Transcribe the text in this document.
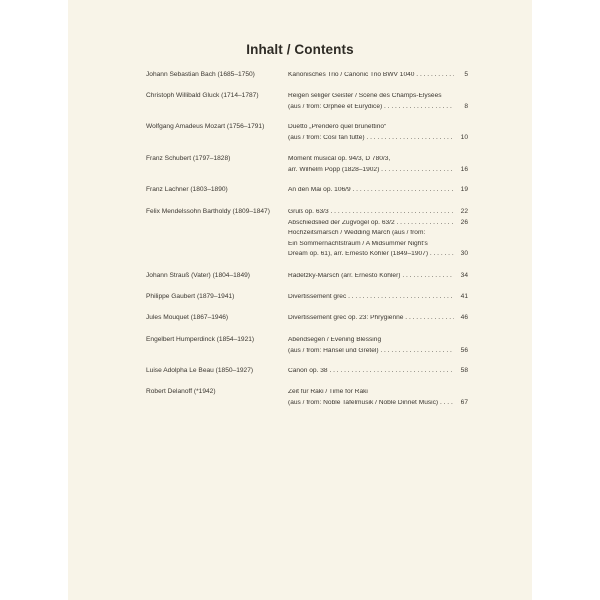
Inhalt / Contents
Johann Sebastian Bach (1685–1750)	Kanonisches Trio / Canonic Trio BWV 1040 . . .	5
Christoph Willibald Gluck (1714–1787)	Reigen seliger Geister / Scène des Champs-Élysées
(aus / from: Orphée et Eurydice) . . .	8
Wolfgang Amadeus Mozart (1756–1791)	Duetto „Prenderò quel brunettino“
(aus / from: Così fan tutte) . . .	10
Franz Schubert (1797–1828)	Moment musical op. 94/3, D 780/3,
arr. Wilhelm Popp (1828–1902) . . .	16
Franz Lachner (1803–1890)	An den Mai op. 106/9 . . .	19
Felix Mendelssohn Bartholdy (1809–1847)	Gruß op. 63/3 . . .	22
Abschiedslied der Zugvögel op. 63/2 . . .	26
Hochzeitsmarsch / Wedding March (aus / from:
Ein Sommernachtstraum / A Midsummer Night's
Dream op. 61), arr. Ernesto Köhler (1849–1907) . . .	30
Johann Strauß (Vater) (1804–1849)	Radetzky-Marsch (arr. Ernesto Köhler) . . .	34
Philippe Gaubert (1879–1941)	Divertissement grec . . .	41
Jules Mouquet (1867–1946)	Divertissement grec op. 23: Phrygienne . . .	46
Engelbert Humperdinck (1854–1921)	Abendsegen / Evening Blessing
(aus / from: Hänsel und Gretel) . . .	56
Luise Adolpha Le Beau (1850–1927)	Canon op. 38 . . .	58
Robert Delanoff (*1942)	Zeit für Raki / Time for Raki
(aus / from: Noble Tafelmusik / Noble Dinnet Music) . . .	67
